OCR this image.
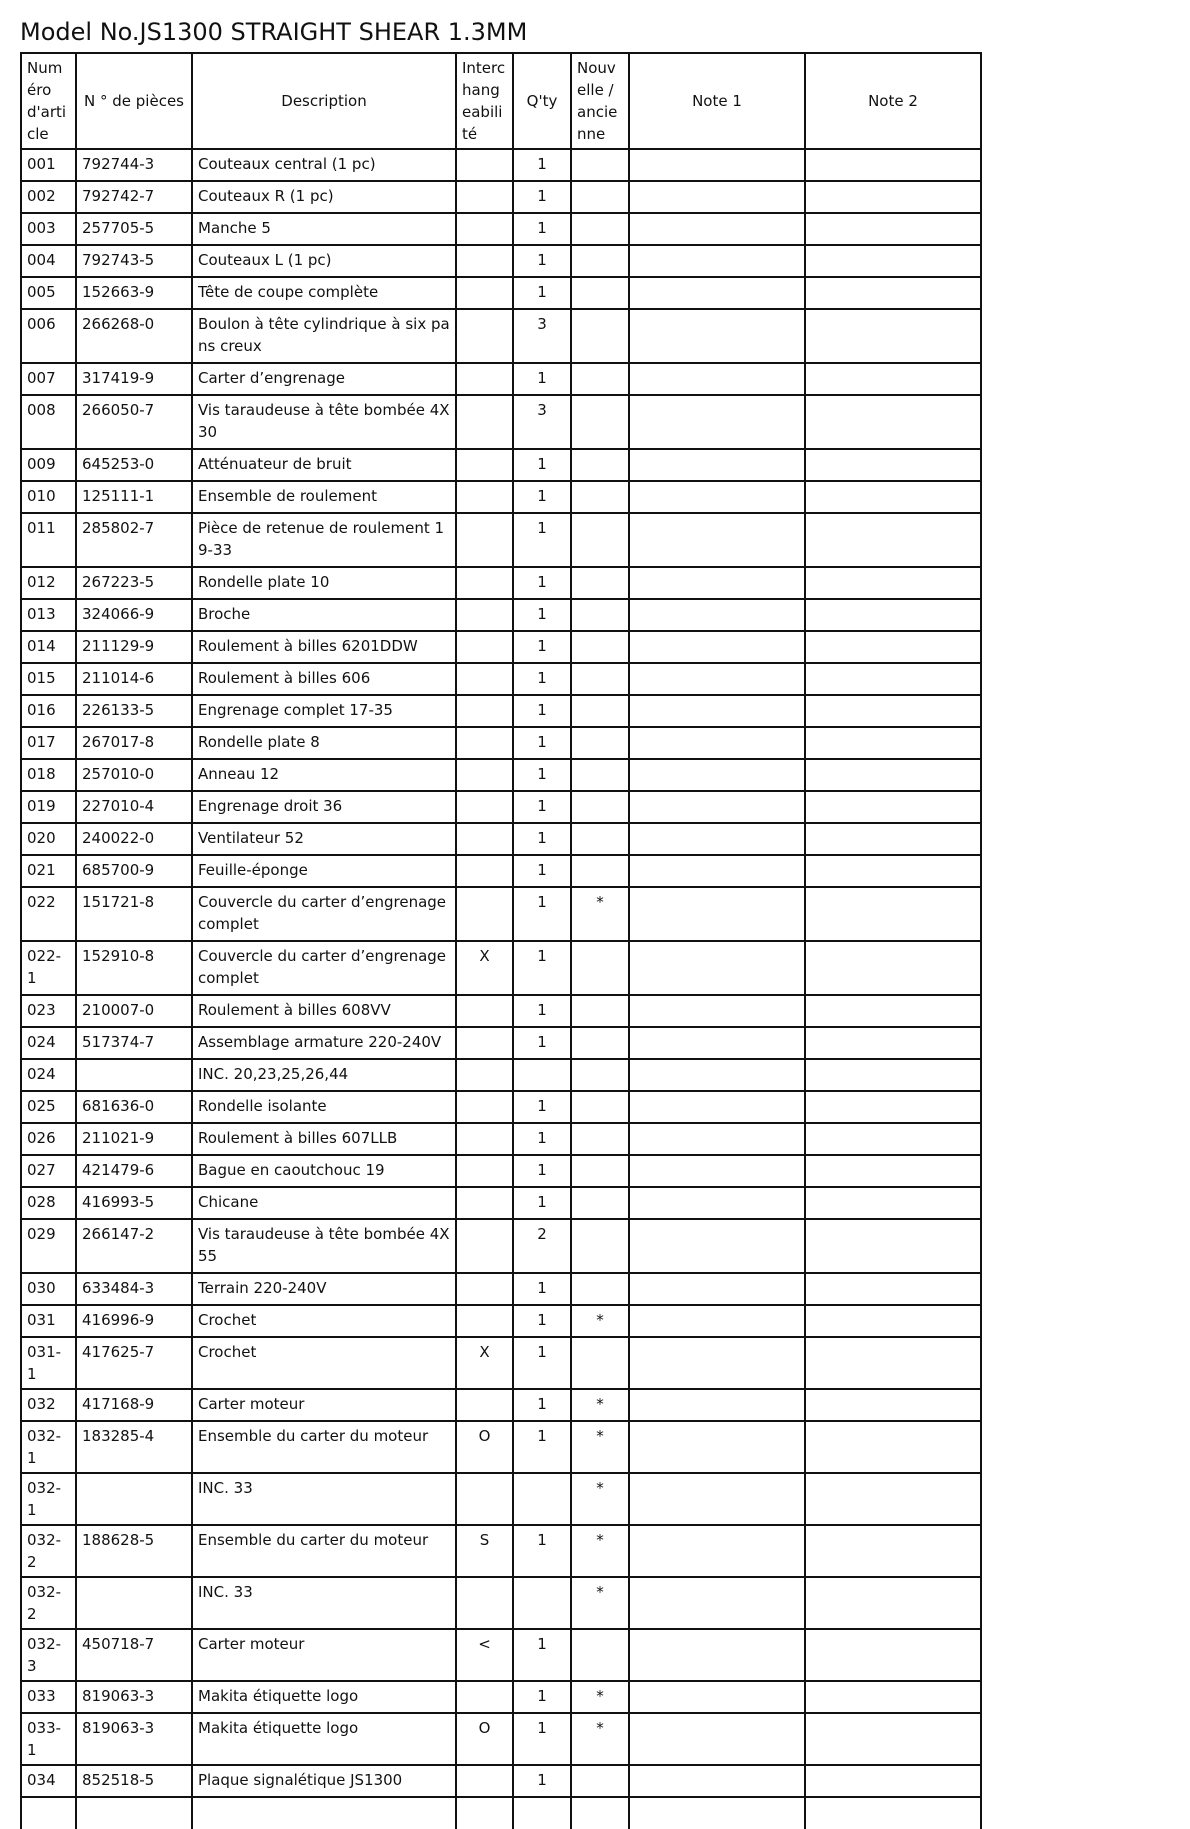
Model No.JS1300 STRAIGHT SHEAR 1.3MM
Numéro d'article	N ° de pièces	Description	Interchangeabilité	Q'ty	Nouvelle / ancienne	Note 1	Note 2
001	792744-3	Couteaux central (1 pc)		1			
002	792742-7	Couteaux R (1 pc)		1			
003	257705-5	Manche 5		1			
004	792743-5	Couteaux L (1 pc)		1			
005	152663-9	Tête de coupe complète		1			
006	266268-0	Boulon à tête cylindrique à six pans creux		3			
007	317419-9	Carter d’engrenage		1			
008	266050-7	Vis taraudeuse à tête bombée 4X30		3			
009	645253-0	Atténuateur de bruit		1			
010	125111-1	Ensemble de roulement		1			
011	285802-7	Pièce de retenue de roulement 19-33		1			
012	267223-5	Rondelle plate 10		1			
013	324066-9	Broche		1			
014	211129-9	Roulement à billes 6201DDW		1			
015	211014-6	Roulement à billes 606		1			
016	226133-5	Engrenage complet 17-35		1			
017	267017-8	Rondelle plate 8		1			
018	257010-0	Anneau 12		1			
019	227010-4	Engrenage droit 36		1			
020	240022-0	Ventilateur 52		1			
021	685700-9	Feuille-éponge		1			
022	151721-8	Couvercle du carter d’engrenage complet		1	*		
022-1	152910-8	Couvercle du carter d’engrenage complet	X	1			
023	210007-0	Roulement à billes 608VV		1			
024	517374-7	Assemblage armature 220-240V		1			
024		INC. 20,23,25,26,44					
025	681636-0	Rondelle isolante		1			
026	211021-9	Roulement à billes 607LLB		1			
027	421479-6	Bague en caoutchouc 19		1			
028	416993-5	Chicane		1			
029	266147-2	Vis taraudeuse à tête bombée 4X55		2			
030	633484-3	Terrain 220-240V		1			
031	416996-9	Crochet		1	*		
031-1	417625-7	Crochet	X	1			
032	417168-9	Carter moteur		1	*		
032-1	183285-4	Ensemble du carter du moteur	O	1	*		
032-1		INC. 33			*		
032-2	188628-5	Ensemble du carter du moteur	S	1	*		
032-2		INC. 33			*		
032-3	450718-7	Carter moteur	<	1			
033	819063-3	Makita étiquette logo		1	*		
033-1	819063-3	Makita étiquette logo	O	1	*		
034	852518-5	Plaque signalétique JS1300		1			
